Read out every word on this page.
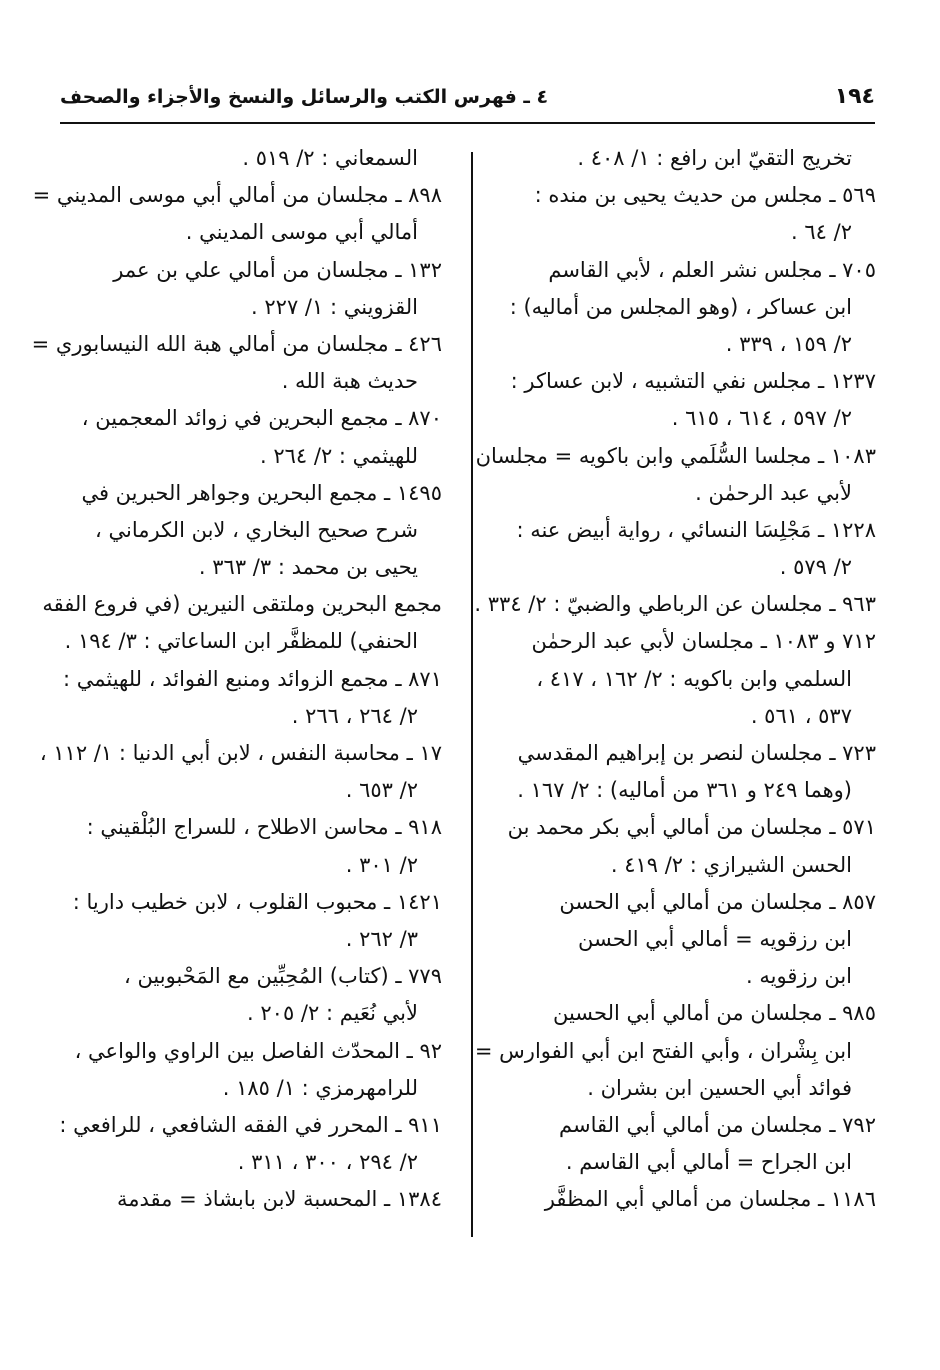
١٩٤
٤ ـ فهرس الكتب والرسائل والنسخ والأجزاء والصحف
تخريج التقيّ ابن رافع : ١/ ٤٠٨ .
٥٦٩ ـ مجلس من حديث يحيى بن منده :
٢/ ٦٤ .
٧٠٥ ـ مجلس نشر العلم ، لأبي القاسم
ابن عساكر ، (وهو المجلس من أماليه) :
٢/ ١٥٩ ، ٣٣٩ .
١٢٣٧ ـ مجلس نفي التشبيه ، لابن عساكر :
٢/ ٥٩٧ ، ٦١٤ ، ٦١٥ .
١٠٨٣ ـ مجلسا السُّلَمي وابن باكويه = مجلسان
لأبي عبد الرحمٰن .
١٢٢٨ ـ مَجْلِسَا النسائي ، رواية أبيض عنه :
٢/ ٥٧٩ .
٩٦٣ ـ مجلسان عن الرباطي والضبيّ : ٢/ ٣٣٤ .
٧١٢ و ١٠٨٣ ـ مجلسان لأبي عبد الرحمٰن
السلمي وابن باكويه : ٢/ ١٦٢ ، ٤١٧ ،
٥٣٧ ، ٥٦١ .
٧٢٣ ـ مجلسان لنصر بن إبراهيم المقدسي
(وهما ٢٤٩ و ٣٦١ من أماليه) : ٢/ ١٦٧ .
٥٧١ ـ مجلسان من أمالي أبي بكر محمد بن
الحسن الشيرازي : ٢/ ٤١٩ .
٨٥٧ ـ مجلسان من أمالي أبي الحسن
ابن رزقويه = أمالي أبي الحسن
ابن رزقويه .
٩٨٥ ـ مجلسان من أمالي أبي الحسين
ابن بِشْران ، وأبي الفتح ابن أبي الفوارس =
فوائد أبي الحسين ابن بشران .
٧٩٢ ـ مجلسان من أمالي أبي القاسم
ابن الجراح = أمالي أبي القاسم .
١١٨٦ ـ مجلسان من أمالي أبي المظفَّر
السمعاني : ٢/ ٥١٩ .
٨٩٨ ـ مجلسان من أمالي أبي موسى المديني =
أمالي أبي موسى المديني .
١٣٢ ـ مجلسان من أمالي علي بن عمر
القزويني : ١/ ٢٢٧ .
٤٢٦ ـ مجلسان من أمالي هبة الله النيسابوري =
حديث هبة الله .
٨٧٠ ـ مجمع البحرين في زوائد المعجمين ،
للهيثمي : ٢/ ٢٦٤ .
١٤٩٥ ـ مجمع البحرين وجواهر الحبرين في
شرح صحيح البخاري ، لابن الكرماني ،
يحيى بن محمد : ٣/ ٣٦٣ .
مجمع البحرين وملتقى النيرين (في فروع الفقه
الحنفي) للمظفَّر ابن الساعاتي : ٣/ ١٩٤ .
٨٧١ ـ مجمع الزوائد ومنبع الفوائد ، للهيثمي :
٢/ ٢٦٤ ، ٢٦٦ .
١٧ ـ محاسبة النفس ، لابن أبي الدنيا : ١/ ١١٢ ،
٢/ ٦٥٣ .
٩١٨ ـ محاسن الاطلاح ، للسراج البُلْقيني :
٢/ ٣٠١ .
١٤٢١ ـ محبوب القلوب ، لابن خطيب داريا :
٣/ ٢٦٢ .
٧٧٩ ـ (كتاب) المُحِبِّين مع المَحْبوبين ،
لأبي نُعَيم : ٢/ ٢٠٥ .
٩٢ ـ المحدّث الفاصل بين الراوي والواعي ،
للرامهرمزي : ١/ ١٨٥ .
٩١١ ـ المحرر في الفقه الشافعي ، للرافعي :
٢/ ٢٩٤ ، ٣٠٠ ، ٣١١ .
١٣٨٤ ـ المحسبة لابن بابشاذ = مقدمة
